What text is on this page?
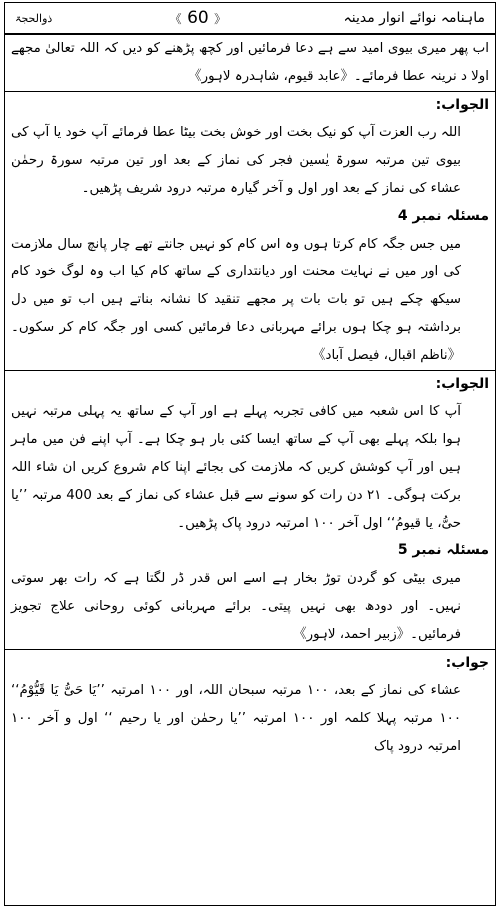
ماہنامہ نوائے انوار مدینہ
《 60 》
ذوالحجۃ

اب پھر میری بیوی امید سے ہے دعا فرمائیں اور کچھ پڑھنے کو دیں کہ اللہ تعالیٰ مجھے اولا د نرینہ عطا فرمائے۔《عابد قیوم، شاہدرہ لاہور》

الجواب:

اللہ رب العزت آپ کو نیک بخت اور خوش بخت بیٹا عطا فرمائے آپ خود یا آپ کی بیوی تین مرتبہ سورۃ یٰسین فجر کی نماز کے بعد اور تین مرتبہ سورۃ رحمٰن عشاء کی نماز کے بعد اور اول و آخر گیارہ مرتبہ درود شریف پڑھیں۔

مسئلہ نمبر 4

میں جس جگہ کام کرتا ہوں وہ اس کام کو نہیں جانتے تھے چار پانچ سال ملازمت کی اور میں نے نہایت محنت اور دیانتداری کے ساتھ کام کیا اب وہ لوگ خود کام سیکھ چکے ہیں تو بات بات پر مجھے تنقید کا نشانہ بناتے ہیں اب تو میں دل برداشتہ ہو چکا ہوں برائے مہربانی دعا فرمائیں کسی اور جگہ کام کر سکوں۔《ناظم اقبال، فیصل آباد》

الجواب:

آپ کا اس شعبہ میں کافی تجربہ پہلے ہے اور آپ کے ساتھ یہ پہلی مرتبہ نہیں ہوا بلکہ پہلے بھی آپ کے ساتھ ایسا کئی بار ہو چکا ہے۔ آپ اپنے فن میں ماہر ہیں اور آپ کوشش کریں کہ ملازمت کی بجائے اپنا کام شروع کریں ان شاء اللہ برکت ہوگی۔ ۲۱ دن رات کو سونے سے قبل عشاء کی نماز کے بعد 400 مرتبہ ’’یا حیُّ، یا قیومُ‘‘ اول آخر ۱۰۰ امرتبہ درود پاک پڑھیں۔

مسئلہ نمبر 5

میری بیٹی کو گردن توڑ بخار ہے اسے اس قدر ڈر لگتا ہے کہ رات بھر سوتی نہیں۔ اور دودھ بھی نہیں پیتی۔ برائے مہربانی کوئی روحانی علاج تجویز فرمائیں۔《زبیر احمد، لاہور》

جواب:

عشاء کی نماز کے بعد، ۱۰۰ مرتبہ سبحان اللہ، اور ۱۰۰ امرتبہ ’’یَا حَیُّ یَا قَیُّوْمُ‘‘ ۱۰۰ مرتبہ پہلا کلمہ اور ۱۰۰ امرتبہ ’’یا رحمٰن اور یا رحیم ‘‘ اول و آخر ۱۰۰ امرتبہ درود پاک
